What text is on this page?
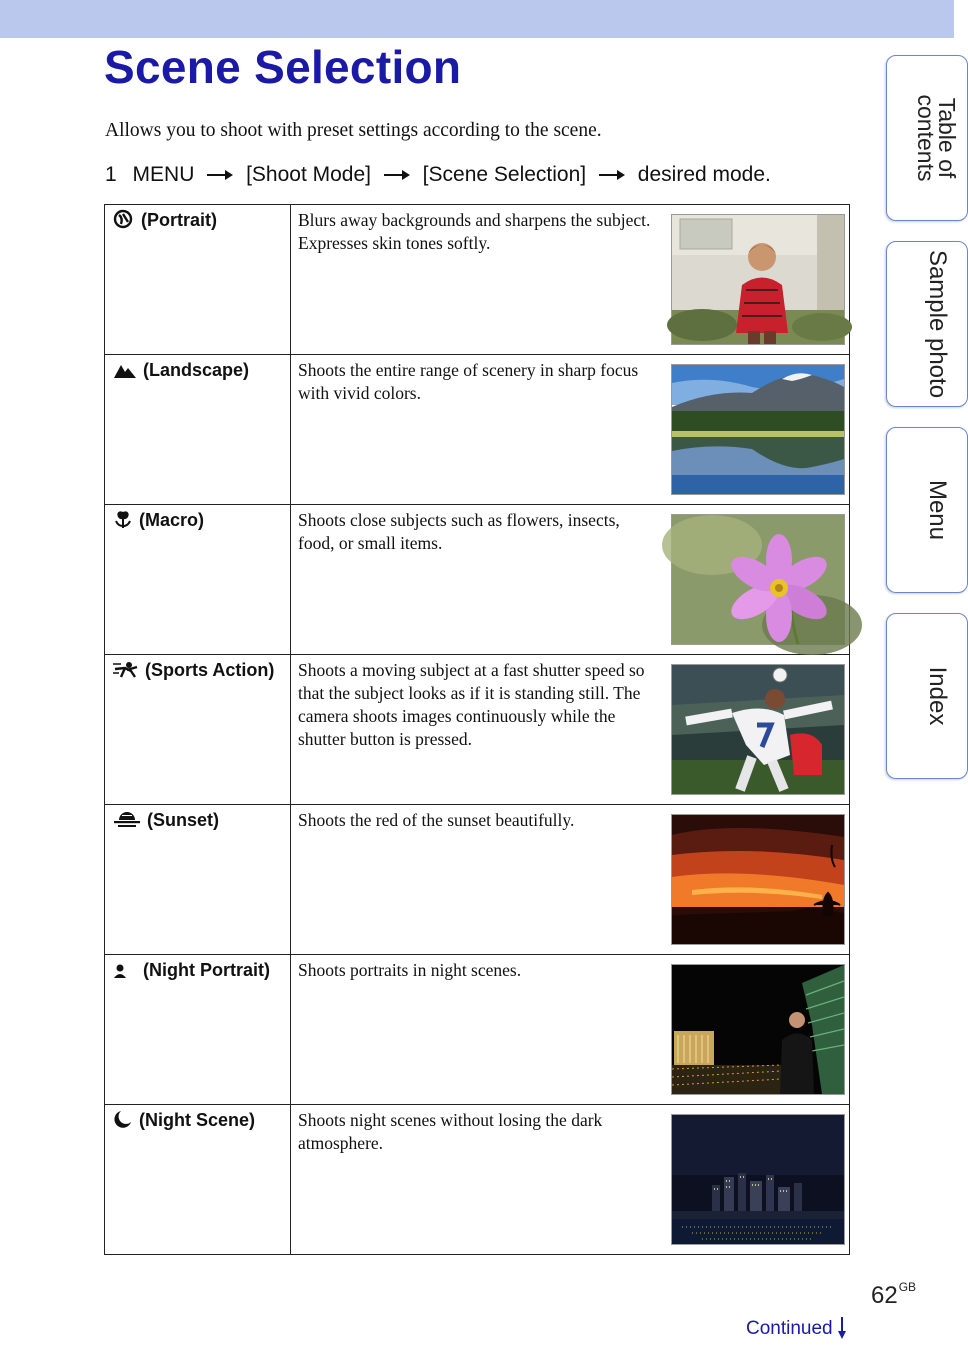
Scene Selection
Allows you to shoot with preset settings according to the scene.
1 MENU [Shoot Mode] [Scene Selection] desired mode.
(Portrait)	Blurs away backgrounds and sharpens the subject. Expresses skin tones softly.

(Landscape)	Shoots the entire range of scenery in sharp focus with vivid colors.

(Macro)	Shoots close subjects such as flowers, insects, food, or small items.

(Sports Action)	Shoots a moving subject at a fast shutter speed so that the subject looks as if it is standing still. The camera shoots images continuously while the shutter button is pressed.

(Sunset)	Shoots the red of the sunset beautifully.

(Night Portrait)	Shoots portraits in night scenes.

(Night Scene)	Shoots night scenes without losing the dark atmosphere.
Table of contents
Sample photo
Menu
Index
$62^{GB}$
Continued
